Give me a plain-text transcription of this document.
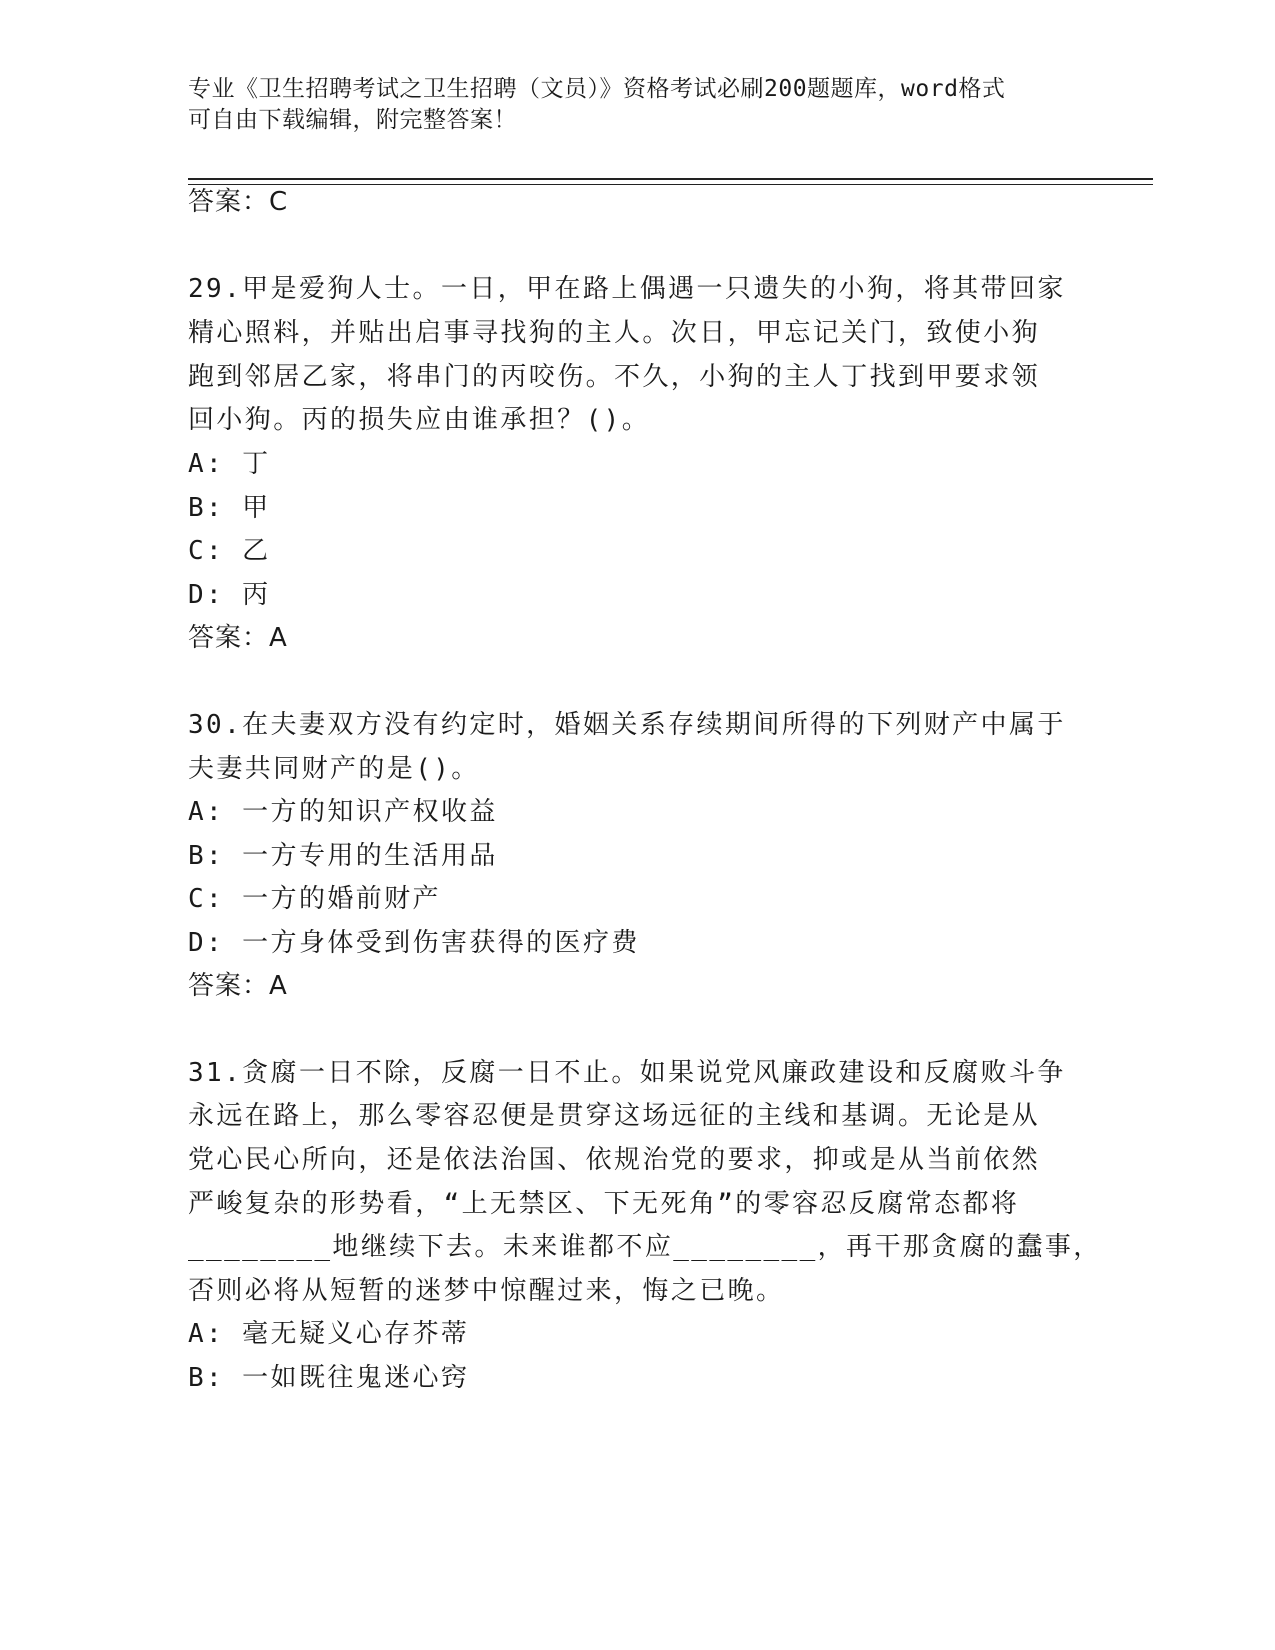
专业《卫生招聘考试之卫生招聘（文员）》资格考试必刷200题题库，word格式
可自由下载编辑，附完整答案！
答案：C
29.甲是爱狗人士。一日，甲在路上偶遇一只遗失的小狗，将其带回家
精心照料，并贴出启事寻找狗的主人。次日，甲忘记关门，致使小狗
跑到邻居乙家，将串门的丙咬伤。不久，小狗的主人丁找到甲要求领
回小狗。丙的损失应由谁承担？()。
A: 丁
B: 甲
C: 乙
D: 丙
答案：A
30.在夫妻双方没有约定时，婚姻关系存续期间所得的下列财产中属于
夫妻共同财产的是()。
A: 一方的知识产权收益
B: 一方专用的生活用品
C: 一方的婚前财产
D: 一方身体受到伤害获得的医疗费
答案：A
31.贪腐一日不除，反腐一日不止。如果说党风廉政建设和反腐败斗争
永远在路上，那么零容忍便是贯穿这场远征的主线和基调。无论是从
党心民心所向，还是依法治国、依规治党的要求，抑或是从当前依然
严峻复杂的形势看，“上无禁区、下无死角”的零容忍反腐常态都将
________地继续下去。未来谁都不应________，再干那贪腐的蠢事，
否则必将从短暂的迷梦中惊醒过来，悔之已晚。
A: 毫无疑义心存芥蒂
B: 一如既往鬼迷心窍
